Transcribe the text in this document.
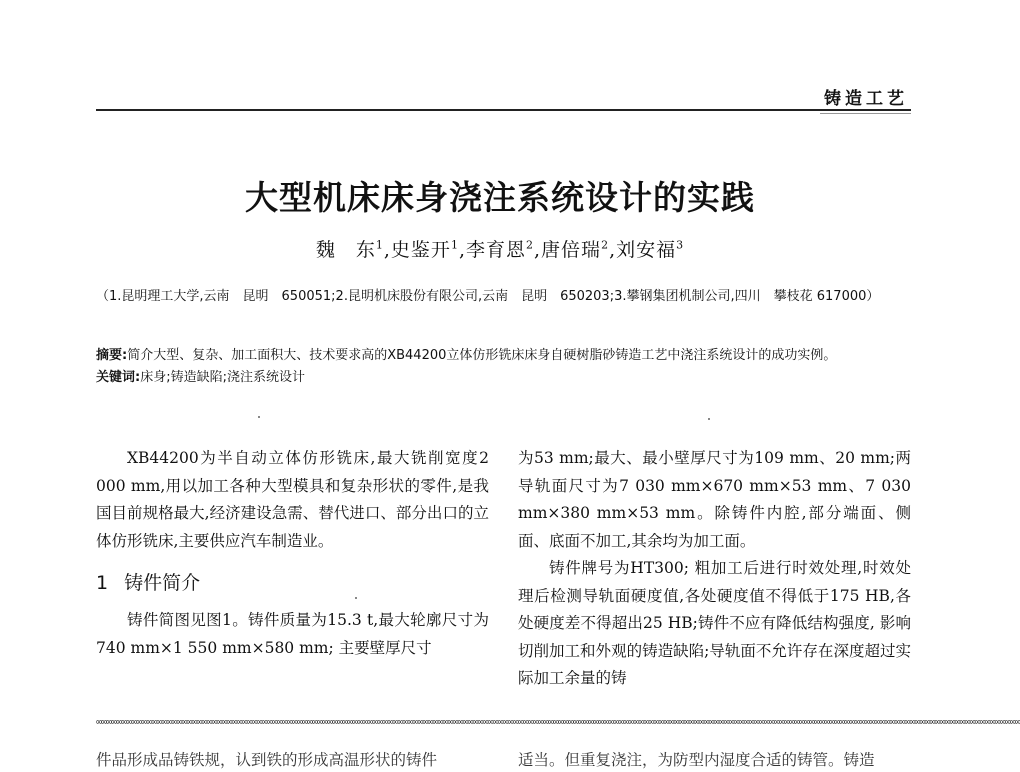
铸造工艺
大型机床床身浇注系统设计的实践
魏　东$^1$,史鉴开$^1$,李育恩$^2$,唐倍瑞$^2$,刘安福$^3$
（1.昆明理工大学,云南　昆明　650051;2.昆明机床股份有限公司,云南　昆明　650203;3.攀钢集团机制公司,四川　攀枝花 617000）
摘要:简介大型、复杂、加工面积大、技术要求高的XB44200立体仿形铣床床身自硬树脂砂铸造工艺中浇注系统设计的成功实例。
关键词:床身;铸造缺陷;浇注系统设计

XB44200为半自动立体仿形铣床,最大铣削宽度2 000 mm,用以加工各种大型模具和复杂形状的零件,是我国目前规格最大,经济建设急需、替代进口、部分出口的立体仿形铣床,主要供应汽车制造业。

1 铸件简介

铸件简图见图1。铸件质量为15.3 t,最大轮廓尺寸为740 mm×1 550 mm×580 mm; 主要壁厚尺寸

为53 mm;最大、最小壁厚尺寸为109 mm、20 mm;两导轨面尺寸为7 030 mm×670 mm×53 mm、7 030 mm×380 mm×53 mm。除铸件内腔,部分端面、侧面、底面不加工,其余均为加工面。

铸件牌号为HT300; 粗加工后进行时效处理,时效处理后检测导轨面硬度值,各处硬度值不得低于175 HB,各处硬度差不得超出25 HB;铸件不应有降低结构强度, 影响切削加工和外观的铸造缺陷;导轨面不允许存在深度超过实际加工余量的铸

∞∞∞∞∞∞∞∞∞∞∞∞∞∞∞∞∞∞∞∞∞∞∞∞∞∞∞∞∞∞∞∞∞∞∞∞∞∞∞∞∞∞∞∞∞∞∞∞∞∞∞∞∞∞∞∞∞∞∞∞∞∞∞∞∞∞∞∞∞∞∞∞∞∞∞∞∞∞∞∞∞∞∞∞∞∞∞∞∞∞∞∞∞∞∞∞∞∞∞∞∞∞∞∞∞∞∞∞∞∞∞∞∞∞∞∞∞∞∞∞∞∞∞∞∞∞∞∞∞∞∞∞∞∞∞∞∞∞∞∞∞∞∞∞∞∞∞∞∞∞∞∞∞∞∞∞∞∞∞∞∞∞∞∞∞∞∞∞∞∞∞∞∞∞∞∞∞∞∞∞∞∞∞∞
件品形成品铸铁规，认到铁的形成高温形状的铸件	适当。但重复浇注，为防型内湿度合适的铸管。铸造
